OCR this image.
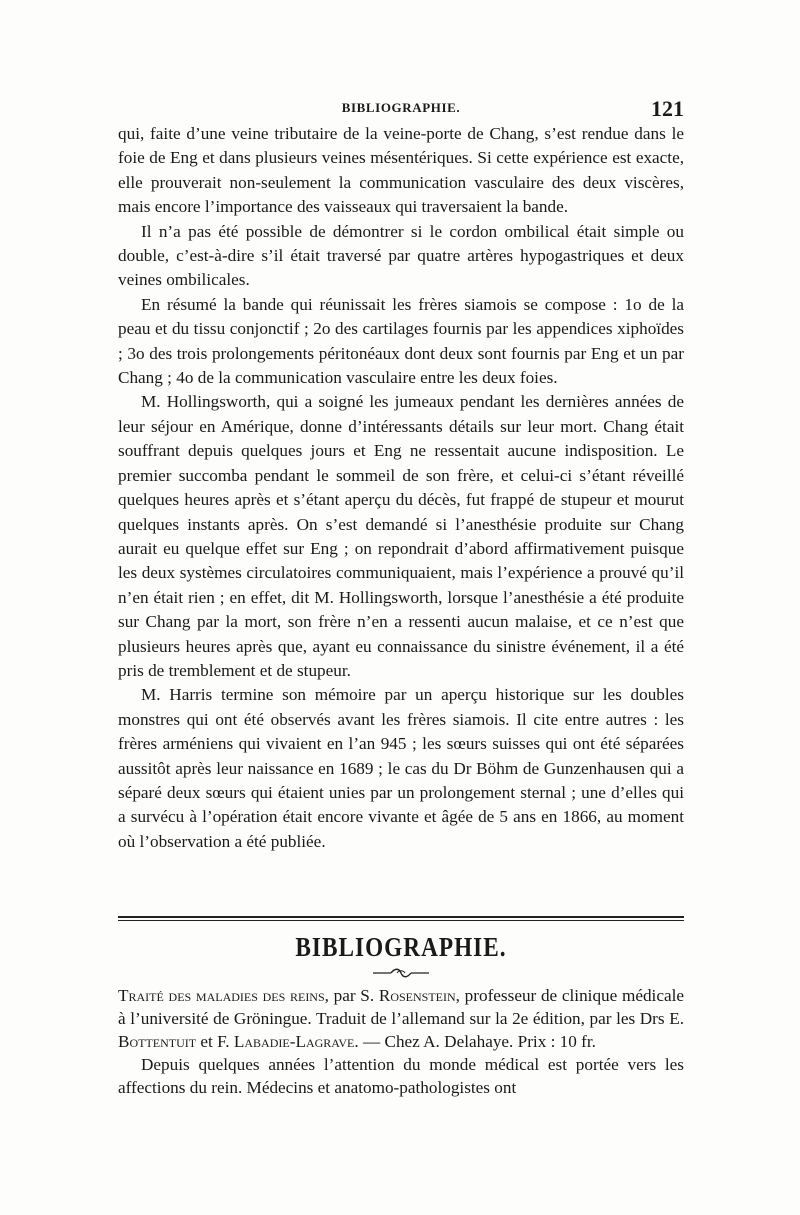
BIBLIOGRAPHIE.	121

qui, faite d’une veine tributaire de la veine-porte de Chang, s’est rendue dans le foie de Eng et dans plusieurs veines mésentériques. Si cette expérience est exacte, elle prouverait non-seulement la communication vasculaire des deux viscères, mais encore l’importance des vaisseaux qui traversaient la bande.

Il n’a pas été possible de démontrer si le cordon ombilical était simple ou double, c’est-à-dire s’il était traversé par quatre artères hypogastriques et deux veines ombilicales.

En résumé la bande qui réunissait les frères siamois se compose : 1o de la peau et du tissu conjonctif ; 2o des cartilages fournis par les appendices xiphoïdes ; 3o des trois prolongements péritonéaux dont deux sont fournis par Eng et un par Chang ; 4o de la communication vasculaire entre les deux foies.

M. Hollingsworth, qui a soigné les jumeaux pendant les dernières années de leur séjour en Amérique, donne d’intéressants détails sur leur mort. Chang était souffrant depuis quelques jours et Eng ne ressentait aucune indisposition. Le premier succomba pendant le sommeil de son frère, et celui-ci s’étant réveillé quelques heures après et s’étant aperçu du décès, fut frappé de stupeur et mourut quelques instants après. On s’est demandé si l’anesthésie produite sur Chang aurait eu quelque effet sur Eng ; on repondrait d’abord affirmativement puisque les deux systèmes circulatoires communiquaient, mais l’expérience a prouvé qu’il n’en était rien ; en effet, dit M. Hollingsworth, lorsque l’anesthésie a été produite sur Chang par la mort, son frère n’en a ressenti aucun malaise, et ce n’est que plusieurs heures après que, ayant eu connaissance du sinistre événement, il a été pris de tremblement et de stupeur.

M. Harris termine son mémoire par un aperçu historique sur les doubles monstres qui ont été observés avant les frères siamois. Il cite entre autres : les frères arméniens qui vivaient en l’an 945 ; les sœurs suisses qui ont été séparées aussitôt après leur naissance en 1689 ; le cas du Dr Böhm de Gunzenhausen qui a séparé deux sœurs qui étaient unies par un prolongement sternal ; une d’elles qui a survécu à l’opération était encore vivante et âgée de 5 ans en 1866, au moment où l’observation a été publiée.

BIBLIOGRAPHIE.

Traité des maladies des reins, par S. Rosenstein, professeur de clinique médicale à l’université de Gröningue. Traduit de l’allemand sur la 2e édition, par les Drs E. Bottentuit et F. Labadie-Lagrave. — Chez A. Delahaye. Prix : 10 fr.

Depuis quelques années l’attention du monde médical est portée vers les affections du rein. Médecins et anatomo-pathologistes ont
